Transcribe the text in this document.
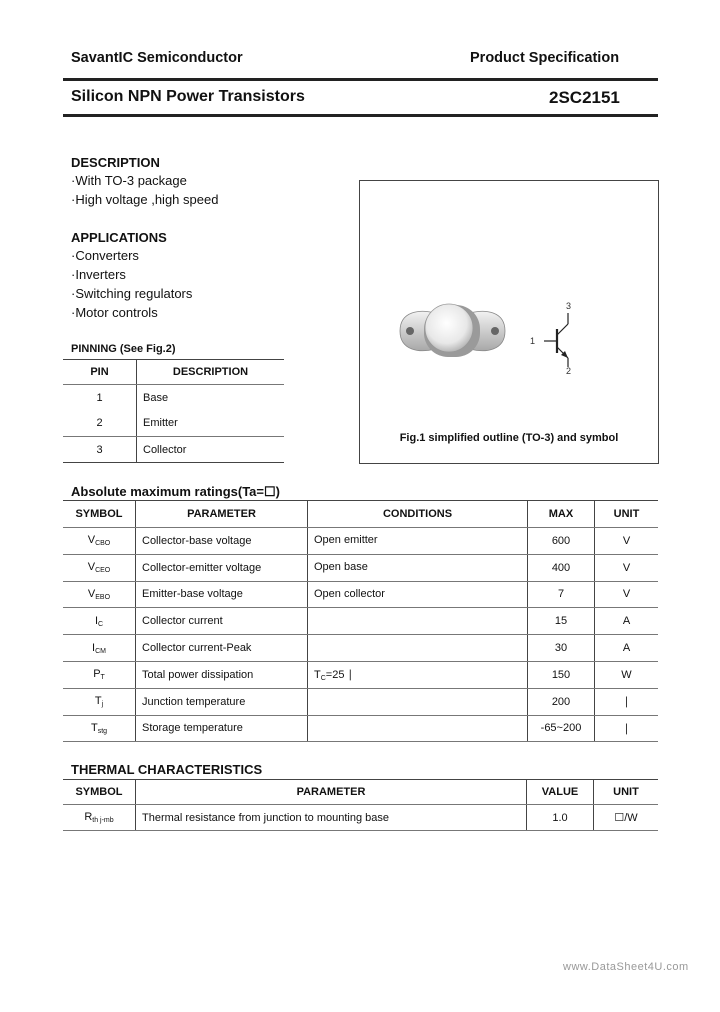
SavantIC Semiconductor	Product Specification
Silicon NPN Power Transistors	2SC2151
DESCRIPTION
·With TO-3 package
·High voltage ,high speed
APPLICATIONS
·Converters
·Inverters
·Switching regulators
·Motor controls
PINNING (See Fig.2)
PIN	DESCRIPTION
1	Base
2	Emitter
3	Collector
3
1
2
Fig.1 simplified outline (TO-3) and symbol
Absolute maximum ratings(Ta=☐)
SYMBOL	PARAMETER	CONDITIONS	MAX	UNIT
$V_{CBO}$	Collector-base voltage	Open emitter	600	V
$V_{CEO}$	Collector-emitter voltage	Open base	400	V
$V_{EBO}$	Emitter-base voltage	Open collector	7	V
$I_C$	Collector current		15	A
$I_{CM}$	Collector current-Peak		30	A
$P_T$	Total power dissipation	$T_C=25$ ∣	150	W
$T_j$	Junction temperature		200	∣
$T_{stg}$	Storage temperature		-65~200	∣
THERMAL CHARACTERISTICS
SYMBOL	PARAMETER	VALUE	UNIT
$R_{th j-mb}$	Thermal resistance from junction to mounting base	1.0	☐/W
www.DataSheet4U.com
